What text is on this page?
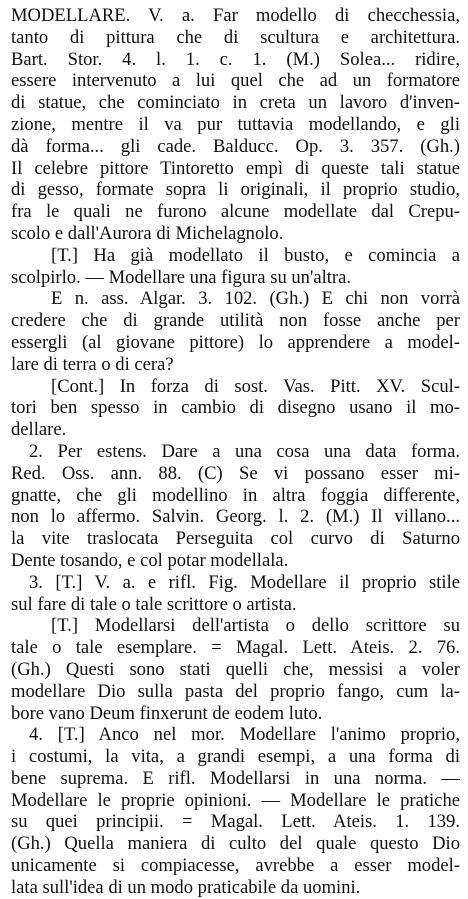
MODELLARE. V. a. Far modello di checchessia,
tanto di pittura che di scultura e architettura.
Bart. Stor. 4. l. 1. c. 1. (M.) Solea... ridire,
essere intervenuto a lui quel che ad un formatore
di statue, che cominciato in creta un lavoro d'inven-
zione, mentre il va pur tuttavia modellando, e gli
dà forma... gli cade. Balducc. Op. 3. 357. (Gh.)
Il celebre pittore Tintoretto empì di queste tali statue
di gesso, formate sopra li originali, il proprio studio,
fra le quali ne furono alcune modellate dal Crepu-
scolo e dall'Aurora di Michelagnolo.
[T.] Ha già modellato il busto, e comincia a
scolpirlo. — Modellare una figura su un'altra.
E n. ass. Algar. 3. 102. (Gh.) E chi non vorrà
credere che di grande utilità non fosse anche per
essergli (al giovane pittore) lo apprendere a model-
lare di terra o di cera?
[Cont.] In forza di sost. Vas. Pitt. XV. Scul-
tori ben spesso in cambio di disegno usano il mo-
dellare.
2. Per estens. Dare a una cosa una data forma.
Red. Oss. ann. 88. (C) Se vi possano esser mi-
gnatte, che gli modellino in altra foggia differente,
non lo affermo. Salvin. Georg. l. 2. (M.) Il villano...
la vite traslocata Perseguita col curvo di Saturno
Dente tosando, e col potar modellala.
3. [T.] V. a. e rifl. Fig. Modellare il proprio stile
sul fare di tale o tale scrittore o artista.
[T.] Modellarsi dell'artista o dello scrittore su
tale o tale esemplare. = Magal. Lett. Ateis. 2. 76.
(Gh.) Questi sono stati quelli che, messisi a voler
modellare Dio sulla pasta del proprio fango, cum la-
bore vano Deum finxerunt de eodem luto.
4. [T.] Anco nel mor. Modellare l'animo proprio,
i costumi, la vita, a grandi esempi, a una forma di
bene suprema. E rifl. Modellarsi in una norma. —
Modellare le proprie opinioni. — Modellare le pratiche
su quei principii. = Magal. Lett. Ateis. 1. 139.
(Gh.) Quella maniera di culto del quale questo Dio
unicamente si compiacesse, avrebbe a esser model-
lata sull'idea di un modo praticabile da uomini.
